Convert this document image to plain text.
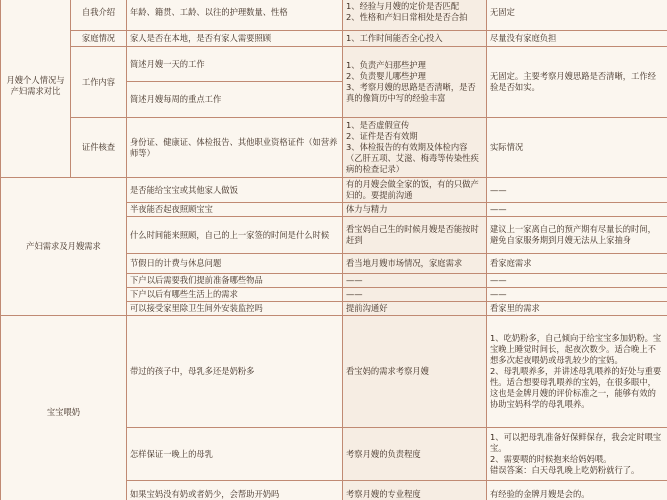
月嫂个人情况与产妇需求对比	自我介绍	年龄、籍贯、工龄、以往的护理数量、性格	1、经验与月嫂的定价是否匹配
2、性格和产妇日常相处是否合拍	无固定
	家庭情况	家人是否在本地，是否有家人需要照顾	1、工作时间能否全心投入	尽量没有家庭负担
	工作内容	简述月嫂一天的工作	1、负责产妇那些护理
2、负责婴儿哪些护理
3、考察月嫂的思路是否清晰，是否真的像简历中写的经验丰富	无固定。主要考察月嫂思路是否清晰，工作经验是否如实。
		简述月嫂每周的重点工作		
	证件核查	身份证、健康证、体检报告、其他职业资格证件（如营养师等）	1、是否虚假宣传
2、证件是否有效期
3、体检报告的有效期及体检内容（乙肝五项、艾滋、梅毒等传染性疾病的检查记录）	实际情况
产妇需求及月嫂需求		是否能给宝宝或其他家人做饭	有的月嫂会做全家的饭，有的只做产妇的。要提前沟通	——
		半夜能否起夜照顾宝宝	体力与精力	——
		什么时间能来照顾，自己的上一家签的时间是什么时候	看宝妈自己生的时候月嫂是否能按时赶到	建议上一家离自己的预产期有尽量长的时间，避免自家服务期到月嫂无法从上家抽身
		节假日的计费与休息问题	看当地月嫂市场情况，家庭需求	看家庭需求
		下户以后需要我们提前准备哪些物品	——	——
		下户以后有哪些生活上的需求	——	——
		可以接受家里除卫生间外安装监控吗	提前沟通好	看家里的需求
宝宝喂奶		带过的孩子中，母乳多还是奶粉多	看宝妈的需求考察月嫂	1、吃奶粉多，自己倾向于给宝宝多加奶粉。宝宝晚上睡觉时间长，起夜次数少。适合晚上不想多次起夜喂奶或母乳较少的宝妈。
2、母乳喂养多，并讲述母乳喂养的好处与重要性。适合想要母乳喂养的宝妈，在很多眼中，这也是金牌月嫂的评价标准之一，能够有效的协助宝妈科学的母乳喂养。

		怎样保证一晚上的母乳	考察月嫂的负责程度	1、可以把母乳准备好保鲜保存，我会定时喂宝宝。
2、需要喂的时候抱来给妈妈喂。
错误答案：白天母乳晚上吃奶粉就行了。

		如果宝妈没有奶或者奶少，会帮助开奶吗	考察月嫂的专业程度	有经验的金牌月嫂是会的。
